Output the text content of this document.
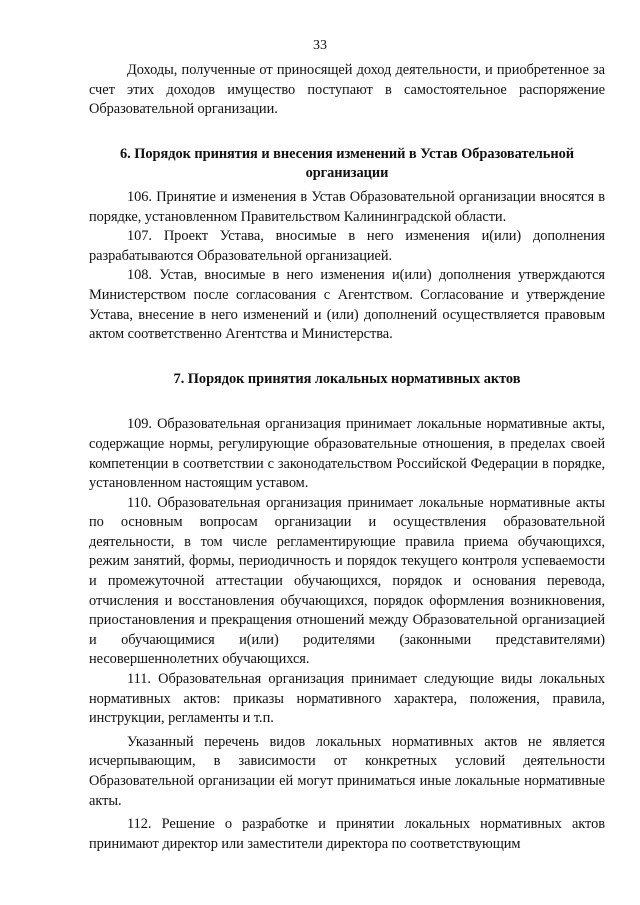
33

Доходы, полученные от приносящей доход деятельности, и приобретенное за счет этих доходов имущество поступают в самостоятельное распоряжение Образовательной организации.

6. Порядок принятия и внесения изменений в Устав Образовательной организации

106. Принятие и изменения в Устав Образовательной организации вносятся в порядке, установленном Правительством Калининградской области.

107. Проект Устава, вносимые в него изменения и(или) дополнения разрабатываются Образовательной организацией.

108. Устав, вносимые в него изменения и(или) дополнения утверждаются Министерством после согласования с Агентством. Согласование и утверждение Устава, внесение в него изменений и (или) дополнений осуществляется правовым актом соответственно Агентства и Министерства.

7. Порядок принятия локальных нормативных актов

109. Образовательная организация принимает локальные нормативные акты, содержащие нормы, регулирующие образовательные отношения, в пределах своей компетенции в соответствии с законодательством Российской Федерации в порядке, установленном настоящим уставом.

110. Образовательная организация принимает локальные нормативные акты по основным вопросам организации и осуществления образовательной деятельности, в том числе регламентирующие правила приема обучающихся, режим занятий, формы, периодичность и порядок текущего контроля успеваемости и промежуточной аттестации обучающихся, порядок и основания перевода, отчисления и восстановления обучающихся, порядок оформления возникновения, приостановления и прекращения отношений между Образовательной организацией и обучающимися и(или) родителями (законными представителями) несовершеннолетних обучающихся.

111. Образовательная организация принимает следующие виды локальных нормативных актов: приказы нормативного характера, положения, правила, инструкции, регламенты и т.п.

Указанный перечень видов локальных нормативных актов не является исчерпывающим, в зависимости от конкретных условий деятельности Образовательной организации ей могут приниматься иные локальные нормативные акты.

112. Решение о разработке и принятии локальных нормативных актов принимают директор или заместители директора по соответствующим
